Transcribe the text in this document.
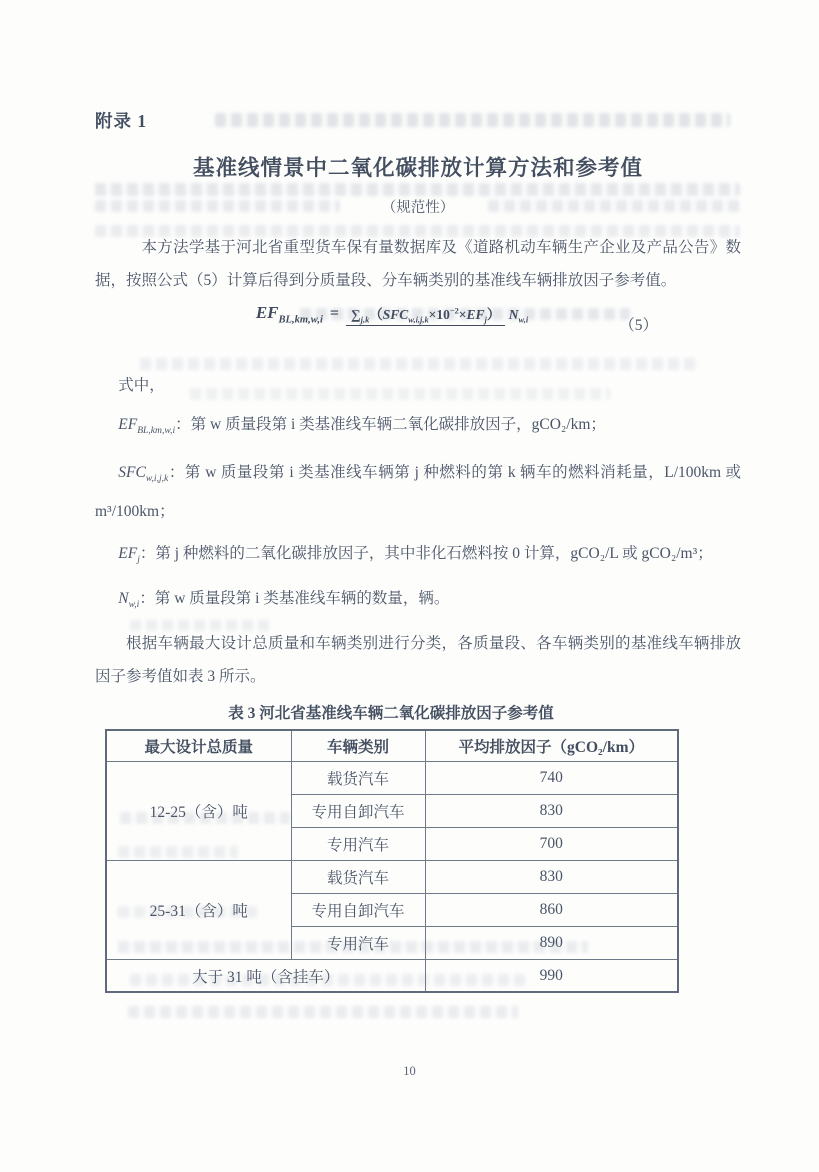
附录 1
基准线情景中二氧化碳排放计算方法和参考值
（规范性）

本方法学基于河北省重型货车保有量数据库及《道路机动车辆生产企业及产品公告》数据，按照公式（5）计算后得到分质量段、分车辆类别的基准线车辆排放因子参考值。

$EF_{BL,km,w,i} = \sum_{j,k}(SFC_{w,i,j,k}\times 10^{-2}\times EF_j)$ $N_{w,i}$	（5）

式中，

$EF_{BL,km,w,i}$：第 w 质量段第 i 类基准线车辆二氧化碳排放因子，gCO₂/km；

$SFC_{w,i,j,k}$：第 w 质量段第 i 类基准线车辆第 j 种燃料的第 k 辆车的燃料消耗量，L/100km 或 m³/100km；

$EF_j$：第 j 种燃料的二氧化碳排放因子，其中非化石燃料按 0 计算，gCO₂/L 或 gCO₂/m³；

$N_{w,i}$：第 w 质量段第 i 类基准线车辆的数量，辆。

根据车辆最大设计总质量和车辆类别进行分类，各质量段、各车辆类别的基准线车辆排放因子参考值如表 3 所示。

表 3 河北省基准线车辆二氧化碳排放因子参考值
最大设计总质量	车辆类别	平均排放因子（gCO₂/km）
12-25（含）吨	载货汽车	740
	专用自卸汽车	830
	专用汽车	700
25-31（含）吨	载货汽车	830
	专用自卸汽车	860
	专用汽车	890
大于 31 吨（含挂车）		990
10
